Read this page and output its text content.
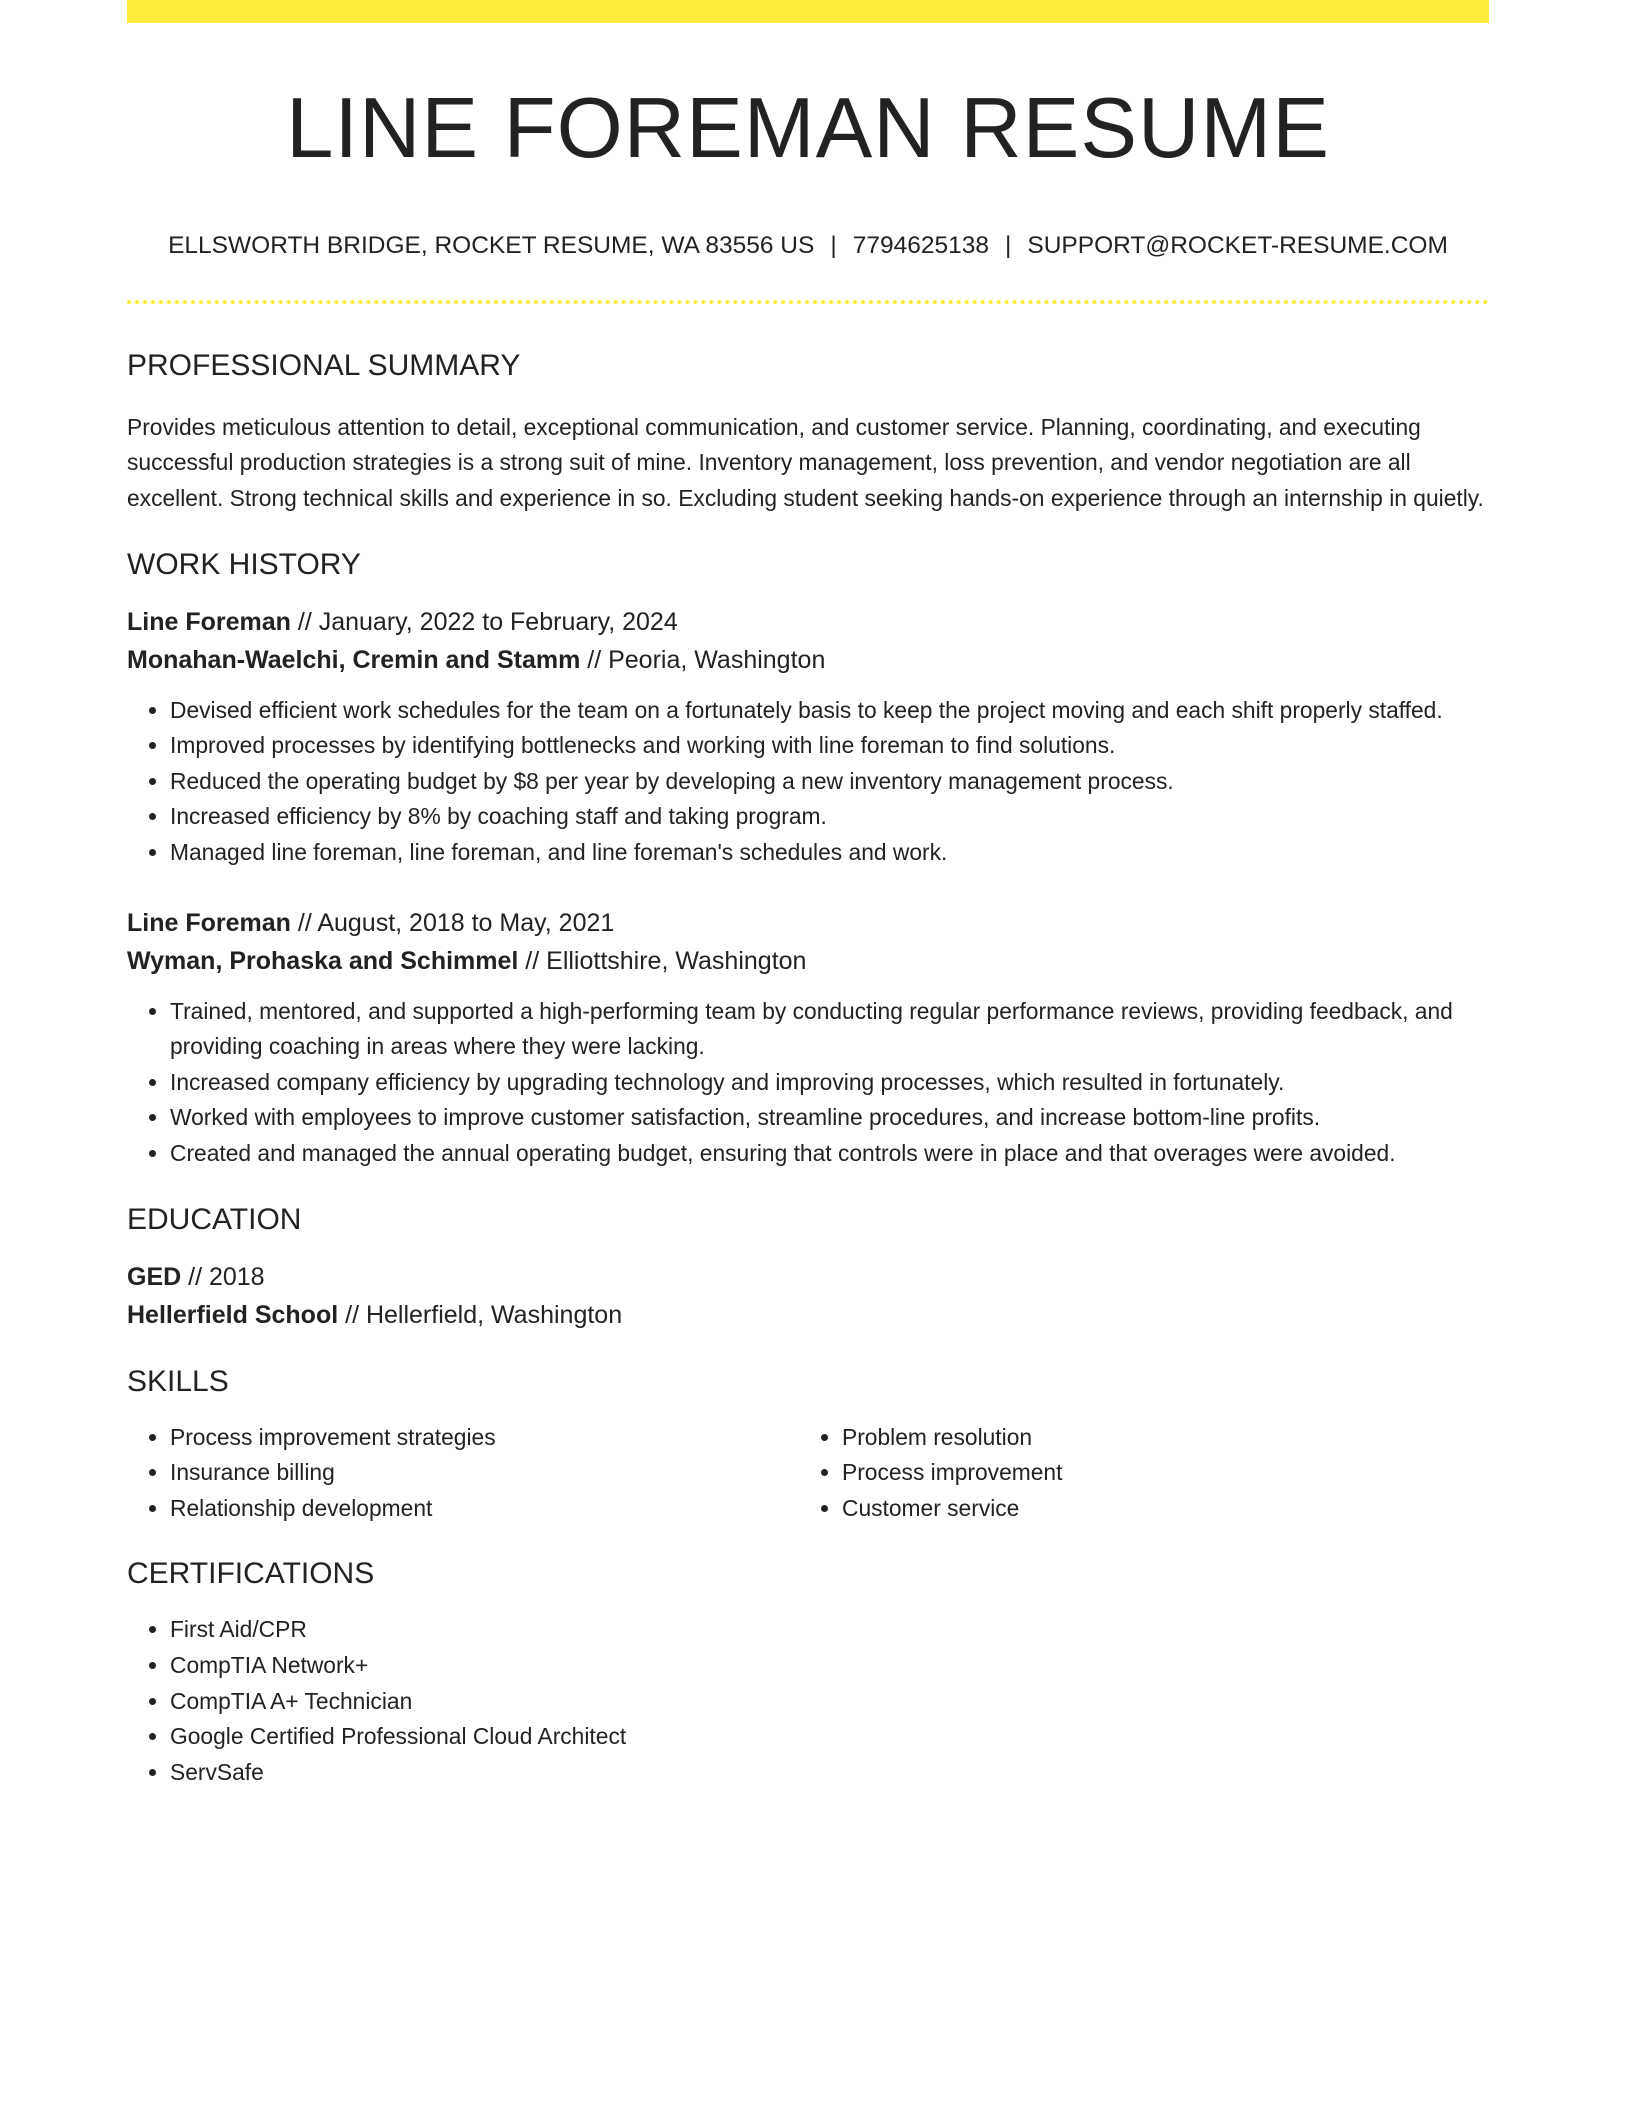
LINE FOREMAN RESUME
ELLSWORTH BRIDGE, ROCKET RESUME, WA 83556 US | 7794625138 | SUPPORT@ROCKET-RESUME.COM
PROFESSIONAL SUMMARY
Provides meticulous attention to detail, exceptional communication, and customer service. Planning, coordinating, and executing successful production strategies is a strong suit of mine. Inventory management, loss prevention, and vendor negotiation are all excellent. Strong technical skills and experience in so. Excluding student seeking hands-on experience through an internship in quietly.
WORK HISTORY
Line Foreman // January, 2022 to February, 2024
Monahan-Waelchi, Cremin and Stamm // Peoria, Washington
• Devised efficient work schedules for the team on a fortunately basis to keep the project moving and each shift properly staffed.
• Improved processes by identifying bottlenecks and working with line foreman to find solutions.
• Reduced the operating budget by $8 per year by developing a new inventory management process.
• Increased efficiency by 8% by coaching staff and taking program.
• Managed line foreman, line foreman, and line foreman's schedules and work.
Line Foreman // August, 2018 to May, 2021
Wyman, Prohaska and Schimmel // Elliottshire, Washington
• Trained, mentored, and supported a high-performing team by conducting regular performance reviews, providing feedback, and providing coaching in areas where they were lacking.
• Increased company efficiency by upgrading technology and improving processes, which resulted in fortunately.
• Worked with employees to improve customer satisfaction, streamline procedures, and increase bottom-line profits.
• Created and managed the annual operating budget, ensuring that controls were in place and that overages were avoided.
EDUCATION
GED // 2018
Hellerfield School // Hellerfield, Washington
SKILLS
• Process improvement strategies
• Insurance billing
• Relationship development
• Problem resolution
• Process improvement
• Customer service
CERTIFICATIONS
• First Aid/CPR
• CompTIA Network+
• CompTIA A+ Technician
• Google Certified Professional Cloud Architect
• ServSafe
